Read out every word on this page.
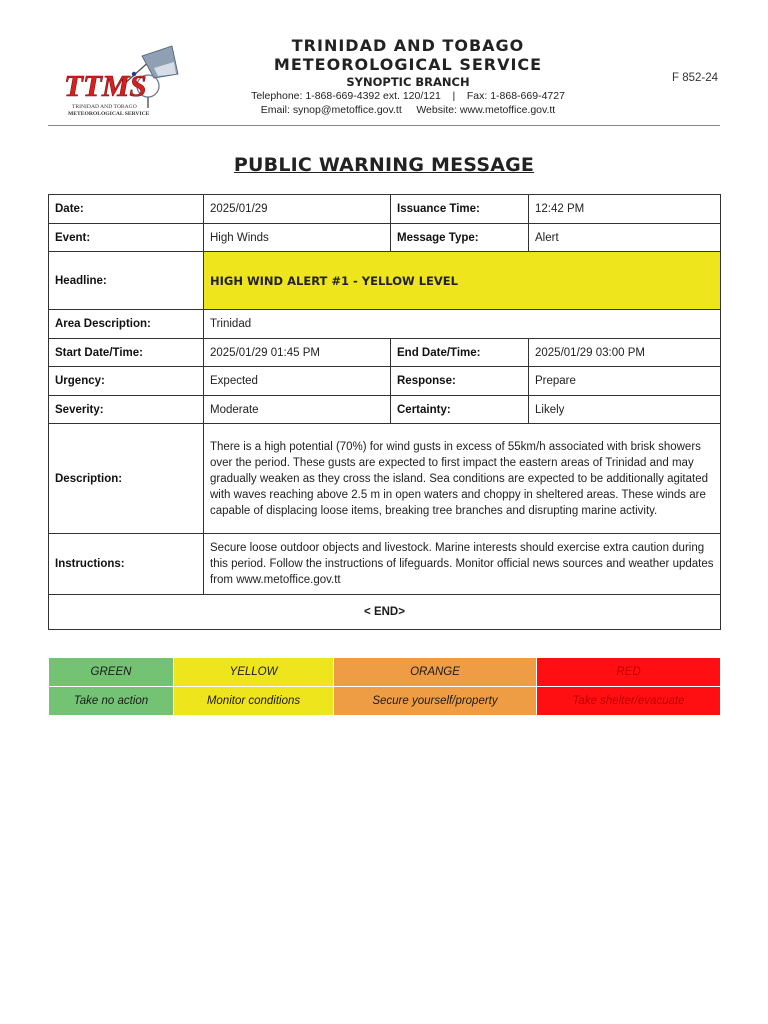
TTMS
TRINIDAD AND TOBAGO
METEOROLOGICAL SERVICE
TRINIDAD AND TOBAGO
METEOROLOGICAL SERVICE
SYNOPTIC BRANCH
Telephone: 1-868-669-4392 ext. 120/121    |    Fax: 1-868-669-4727
Email: synop@metoffice.gov.tt     Website: www.metoffice.gov.tt
F 852-24
PUBLIC WARNING MESSAGE
Date:	2025/01/29	Issuance Time:	12:42 PM
Event:	High Winds	Message Type:	Alert
Headline:	HIGH WIND ALERT #1 - YELLOW LEVEL		
Area Description:	Trinidad		
Start Date/Time:	2025/01/29 01:45 PM	End Date/Time:	2025/01/29 03:00 PM
Urgency:	Expected	Response:	Prepare
Severity:	Moderate	Certainty:	Likely
Description:	There is a high potential (70%) for wind gusts in excess of 55km/h associated with brisk showers over the period. These gusts are expected to first impact the eastern areas of Trinidad and may gradually weaken as they cross the island. Sea conditions are expected to be additionally agitated with waves reaching above 2.5 m in open waters and choppy in sheltered areas. These winds are capable of displacing loose items, breaking tree branches and disrupting marine activity.		
Instructions:	Secure loose outdoor objects and livestock. Marine interests should exercise extra caution during this period. Follow the instructions of lifeguards. Monitor official news sources and weather updates from www.metoffice.gov.tt		
< END>			
GREEN	YELLOW	ORANGE	RED
Take no action	Monitor conditions	Secure yourself/property	Take shelter/evacuate
